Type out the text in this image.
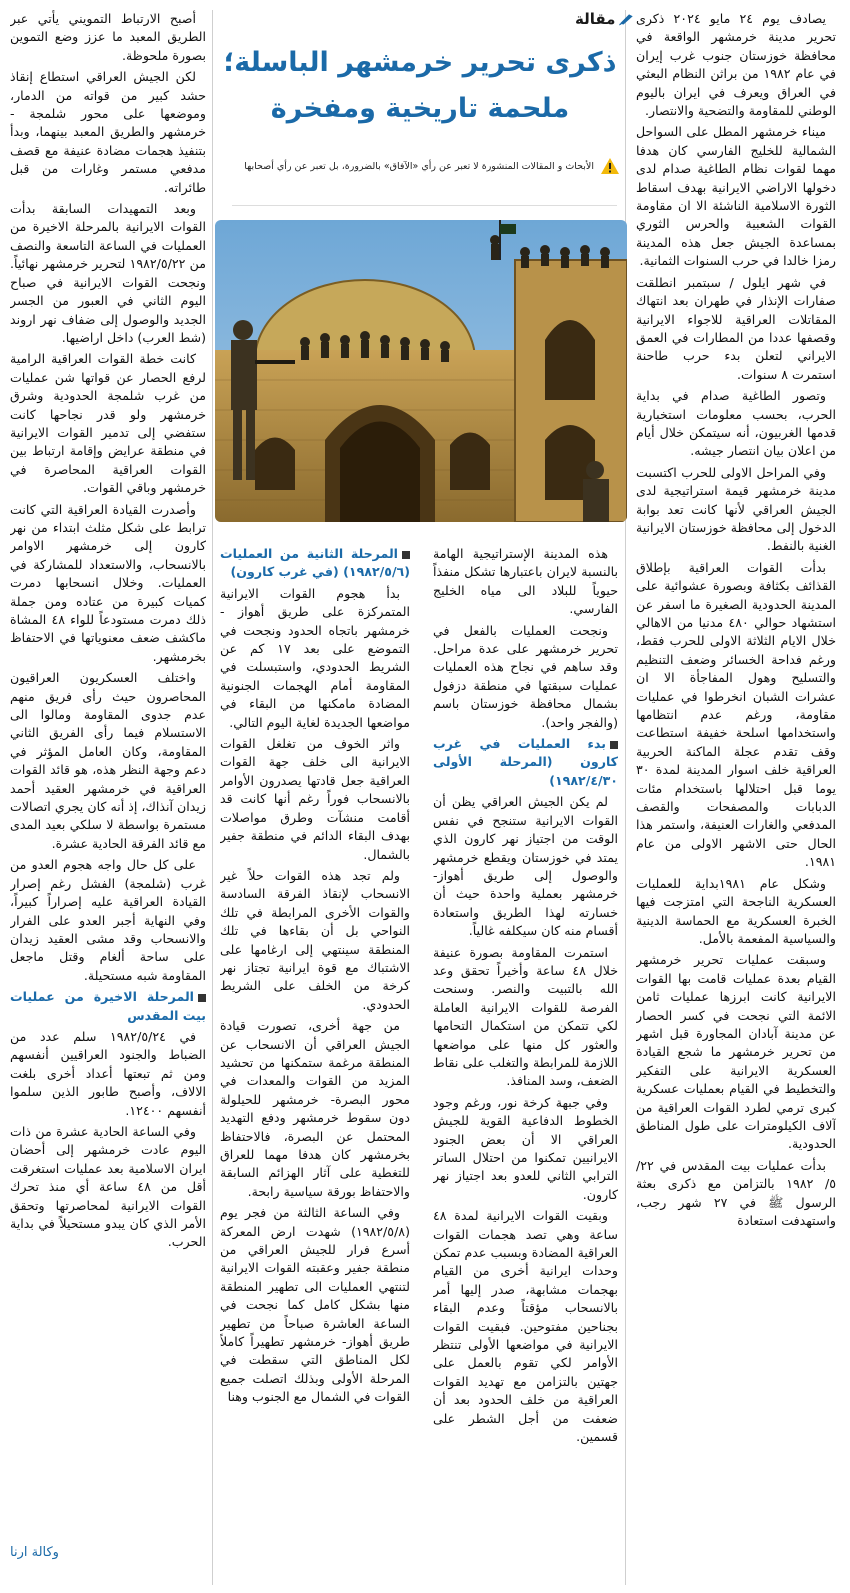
مقالة
ذكرى تحرير خرمشهر الباسلة؛
ملحمة تاريخية ومفخرة
الأبحاث و المقالات المنشورة لا تعبر عن رأي «الآفاق» بالضرورة، بل تعبر عن رأي أصحابها

يصادف يوم ٢٤ مايو ٢٠٢٤ ذكرى تحرير مدينة خرمشهر الواقعة في محافظة خوزستان جنوب غرب إيران في عام ١٩٨٢ من براثن النظام البعثي في العراق ويعرف في ايران باليوم الوطني للمقاومة والتضحية والانتصار.

ميناء خرمشهر المطل على السواحل الشمالية للخليج الفارسي كان هدفا مهما لقوات نظام الطاغية صدام لدى دخولها الاراضي الايرانية بهدف اسقاط الثورة الاسلامية الناشئة الا ان مقاومة القوات الشعبية والحرس الثوري بمساعدة الجيش جعل هذه المدينة رمزا خالدا في حرب السنوات الثمانية.

في شهر ايلول / سبتمبر انطلقت صفارات الإنذار في طهران بعد انتهاك المقاتلات العراقية للاجواء الايرانية وقصفها عددا من المطارات في العمق الايراني لتعلن بدء حرب طاحنة استمرت ٨ سنوات.

وتصور الطاغية صدام في بداية الحرب، بحسب معلومات استخبارية قدمها الغربيون، أنه سيتمكن خلال أيام من اعلان بيان انتصار جيشه.

وفي المراحل الاولى للحرب اكتسبت مدينة خرمشهر قيمة استراتيجية لدى الجيش العراقي لأنها كانت تعد بوابة الدخول إلى محافظة خوزستان الايرانية الغنية بالنفط.

بدأت القوات العراقية بإطلاق القذائف بكثافة وبصورة عشوائية على المدينة الحدودية الصغيرة ما اسفر عن استشهاد حوالي ٤٨٠ مدنيا من الاهالي خلال الايام الثلاثة الاولى للحرب فقط، ورغم فداحة الخسائر وضعف التنظيم والتسليح وهول المفاجأة الا ان عشرات الشبان انخرطوا في عمليات مقاومة، ورغم عدم انتظامها واستخدامها اسلحة خفيفة استطاعت وقف تقدم عجلة الماكنة الحربية العراقية خلف اسوار المدينة لمدة ٣٠ يوما قبل احتلالها باستخدام مئات الدبابات والمصفحات والقصف المدفعي والغارات العنيفة، واستمر هذا الحال حتى الاشهر الاولى من عام ١٩٨١.

وشكل عام ١٩٨١بداية للعمليات العسكرية الناجحة التي امتزجت فيها الخبرة العسكرية مع الحماسة الدينية والسياسية المفعمة بالأمل.

وسبقت عمليات تحرير خرمشهر القيام بعدة عمليات قامت بها القوات الايرانية كانت ابرزها عمليات ثامن الائمة التي نجحت في كسر الحصار عن مدينة آبادان المجاورة قبل اشهر من تحرير خرمشهر ما شجع القيادة العسكرية الايرانية على التفكير والتخطيط في القيام بعمليات عسكرية كبرى ترمي لطرد القوات العراقية من آلاف الكيلومترات على طول المناطق الحدودية.

بدأت عمليات بيت المقدس في ٢٢/ ٥/ ١٩٨٢ بالتزامن مع ذكرى بعثة الرسول ﷺ في ٢٧ شهر رجب، واستهدفت استعادة

هذه المدينة الإستراتيجية الهامة بالنسبة لايران باعتبارها تشكل منفذاً حيوياً للبلاد الى مياه الخليج الفارسي.

ونجحت العمليات بالفعل في تحرير خرمشهر على عدة مراحل. وقد ساهم في نجاح هذه العمليات عمليات سبقتها في منطقة دزفول بشمال محافظة خوزستان باسم (والفجر واحد).

بدء العمليات في غرب كارون (المرحلة الأولى ١٩٨٢/٤/٣٠)

لم يكن الجيش العراقي يظن أن القوات الايرانية ستنجح في نفس الوقت من اجتياز نهر كارون الذي يمتد في خوزستان ويقطع خرمشهر والوصول إلى طريق أهواز- خرمشهر بعملية واحدة حيث أن خسارته لهذا الطريق واستعادة أقسام منه كان سيكلفه غالياً.

استمرت المقاومة بصورة عنيفة خلال ٤٨ ساعة وأخيراً تحقق وعد الله بالتبيت والنصر. وسنحت الفرصة للقوات الايرانية العاملة لكي تتمكن من استكمال التحامها والعثور كل منها على مواضعها اللازمة للمرابطة والتغلب على نقاط الضعف، وسد المنافذ.

وفي جبهة كرخة نور، ورغم وجود الخطوط الدفاعية القوية للجيش العراقي الا أن بعض الجنود الايرانيين تمكنوا من احتلال الساتر الترابي الثاني للعدو بعد اجتياز نهر كارون.

وبقيت القوات الايرانية لمدة ٤٨ ساعة وهي تصد هجمات القوات العراقية المضادة وبسبب عدم تمكن وحدات ايرانية أخرى من القيام بهجمات مشابهة، صدر إليها أمر بالانسحاب مؤقتاً وعدم البقاء بجناحين مفتوحين. فبقيت القوات الايرانية في مواضعها الأولى تنتظر الأوامر لكي تقوم بالعمل على جهتين بالتزامن مع تهديد القوات العراقية من خلف الحدود بعد أن ضعفت من أجل الشطر على قسمين.

المرحلة الثانية من العمليات (١٩٨٢/٥/٦) (في غرب كارون)

بدأ هجوم القوات الايرانية المتمركزة على طريق أهواز - خرمشهر باتجاه الحدود ونجحت في التموضع على بعد ١٧ كم عن الشريط الحدودي، واستبسلت في المقاومة أمام الهجمات الجنونية المضادة مامكنها من البقاء في مواضعها الجديدة لغاية اليوم التالي.

واثر الخوف من تغلغل القوات الايرانية الى خلف جهة القوات العراقية جعل قادتها يصدرون الأوامر بالانسحاب فوراً رغم أنها كانت قد أقامت منشآت وطرق مواصلات بهدف البقاء الدائم في منطقة جفير بالشمال.

ولم تجد هذه القوات حلاً غير الانسحاب لإنقاذ الفرقة السادسة والقوات الأخرى المرابطة في تلك النواحي بل أن بقاءها في تلك المنطقة سينتهي إلى ارغامها على الاشتباك مع قوة ايرانية تجتاز نهر كرخة من الخلف على الشريط الحدودي.

من جهة أخرى، تصورت قيادة الجيش العراقي أن الانسحاب عن المنطقة مرغمة ستمكنها من تحشيد المزيد من القوات والمعدات في محور البصرة- خرمشهر للحيلولة دون سقوط خرمشهر ودفع التهديد المحتمل عن البصرة، فالاحتفاظ بخرمشهر كان هدفا مهما للعراق للتغطية على آثار الهزائم السابقة والاحتفاظ بورقة سياسية رابحة.

وفي الساعة الثالثة من فجر يوم (١٩٨٢/٥/٨) شهدت ارض المعركة أسرع فرار للجيش العراقي من منطقة جفير وعقبته القوات الايرانية لتنتهي العمليات الى تطهير المنطقة منها بشكل كامل كما نجحت في الساعة العاشرة صباحاً من تطهير طريق أهواز- خرمشهر تطهيراً كاملاً لكل المناطق التي سقطت في المرحلة الأولى وبذلك اتصلت جميع القوات في الشمال مع الجنوب وهنا

أصبح الارتباط التمويني يأتي عبر الطريق المعبد ما عزز وضع التموين بصورة ملحوظة.

لكن الجيش العراقي استطاع إنقاذ حشد كبير من قواته من الدمار، وموضعها على محور شلمجة - خرمشهر والطريق المعبد بينهما، وبدأ بتنفيذ هجمات مضادة عنيفة مع قصف مدفعي مستمر وغارات من قبل طائراته.

وبعد التمهيدات السابقة بدأت القوات الايرانية بالمرحلة الاخيرة من العمليات في الساعة التاسعة والنصف من ١٩٨٢/٥/٢٢ لتحرير خرمشهر نهائياً. ونجحت القوات الايرانية في صباح اليوم الثاني في العبور من الجسر الجديد والوصول إلى ضفاف نهر اروند (شط العرب) داخل اراضيها.

كانت خطة القوات العراقية الرامية لرفع الحصار عن قواتها شن عمليات من غرب شلمجة الحدودية وشرق خرمشهر ولو قدر نجاحها كانت ستفضي إلى تدمير القوات الايرانية في منطقة عرايض وإقامة ارتباط بين القوات العراقية المحاصرة في خرمشهر وباقي القوات.

وأصدرت القيادة العراقية التي كانت ترابط على شكل مثلث ابتداء من نهر كارون إلى خرمشهر الاوامر بالانسحاب، والاستعداد للمشاركة في العمليات. وخلال انسحابها دمرت كميات كبيرة من عتاده ومن جملة ذلك دمرت مستودعاً للواء ٤٨ المشاة ماكشف ضعف معنوياتها في الاحتفاظ بخرمشهر.

واختلف العسكريون العراقيون المحاصرون حيث رأى فريق منهم عدم جدوى المقاومة ومالوا الى الاستسلام فيما رأى الفريق الثاني المقاومة، وكان العامل المؤثر في دعم وجهة النظر هذه، هو قائد القوات العراقية في خرمشهر العقيد أحمد زيدان آنذاك، إذ أنه كان يجري اتصالات مستمرة بواسطة لا سلكي بعيد المدى مع قائد الفرقة الحادية عشرة.

على كل حال واجه هجوم العدو من غرب (شلمجة) الفشل رغم إصرار القيادة العراقية عليه إصراراً كبيراً، وفي النهاية أجبر العدو على الفرار والانسحاب وقد مشى العقيد زيدان على ساحة ألغام وقتل ماجعل المقاومة شبه مستحيلة.

المرحلة الاخيرة من عمليات بيت المقدس

في ١٩٨٢/٥/٢٤ سلم عدد من الضباط والجنود العراقيين أنفسهم ومن ثم تبعتها أعداد أخرى بلغت الالاف، وأصبح طابور الذين سلموا أنفسهم ١٢٤٠٠.

وفي الساعة الحادية عشرة من ذات اليوم عادت خرمشهر إلى أحضان ايران الاسلامية بعد عمليات استغرقت أقل من ٤٨ ساعة أي منذ تحرك القوات الايرانية لمحاصرتها وتحقق الأمر الذي كان يبدو مستحيلاً في بداية الحرب.

وكالة ارنا
